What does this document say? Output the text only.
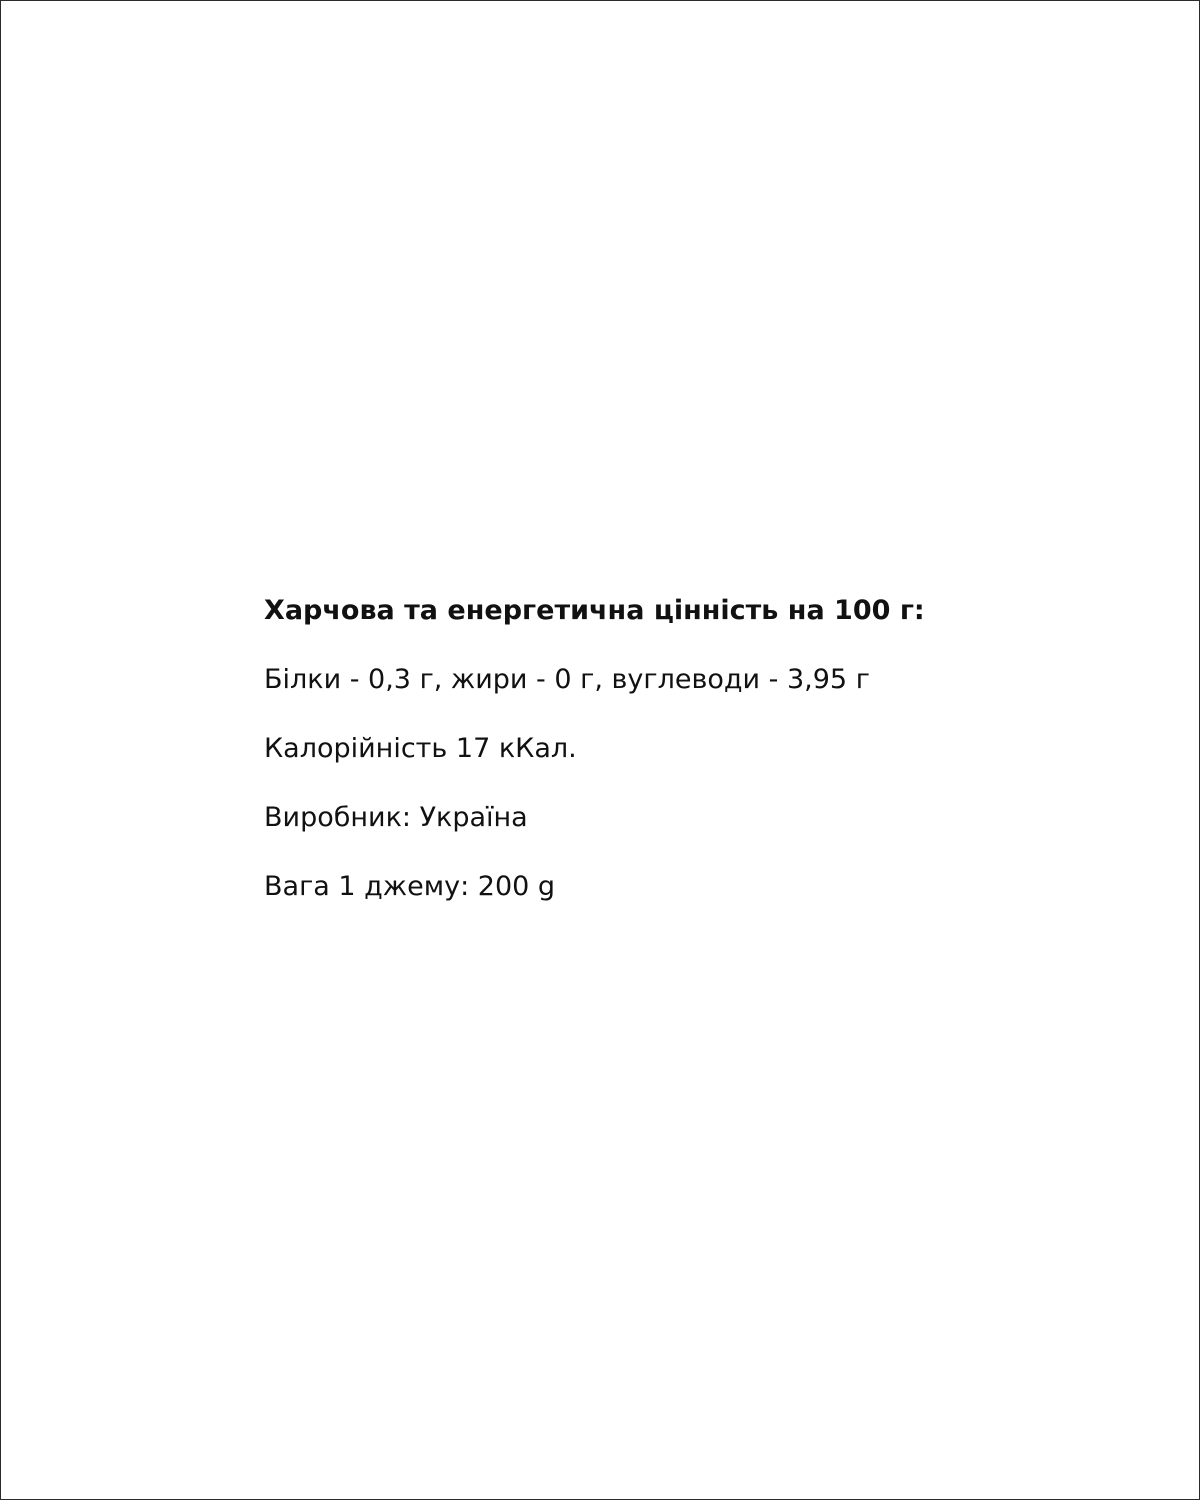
Харчова та енергетична цінність на 100 г:
Білки - 0,3 г, жири - 0 г, вуглеводи - 3,95 г
Калорійність 17 кКал.
Виробник: Україна
Вага 1 джему: 200 g
